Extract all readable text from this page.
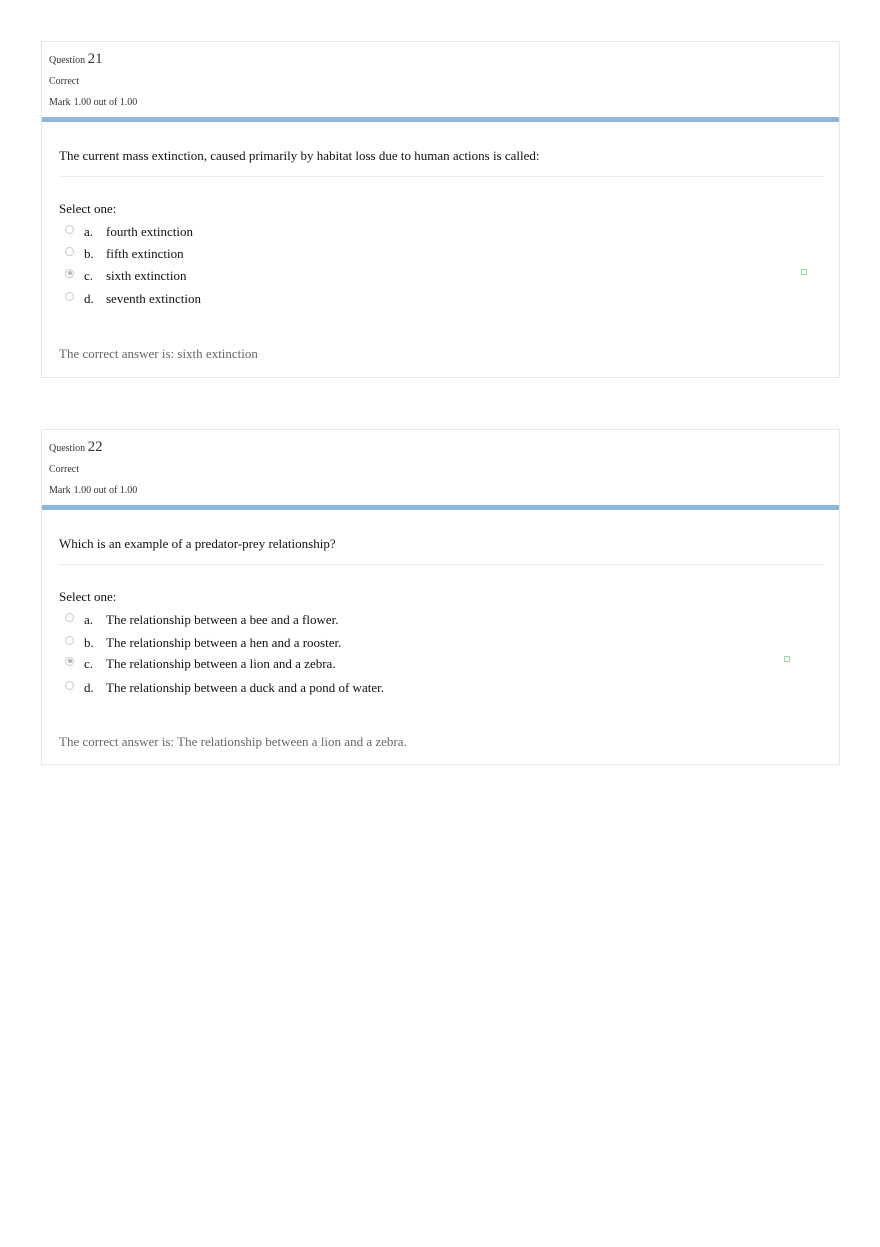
Question 21
Correct
Mark 1.00 out of 1.00
The current mass extinction, caused primarily by habitat loss due to human actions is called:
Select one:
a. fourth extinction
b. fifth extinction
c. sixth extinction
d. seventh extinction
The correct answer is: sixth extinction
Question 22
Correct
Mark 1.00 out of 1.00
Which is an example of a predator-prey relationship?
Select one:
a. The relationship between a bee and a flower.
b. The relationship between a hen and a rooster.
c. The relationship between a lion and a zebra.
d. The relationship between a duck and a pond of water.
The correct answer is: The relationship between a lion and a zebra.
